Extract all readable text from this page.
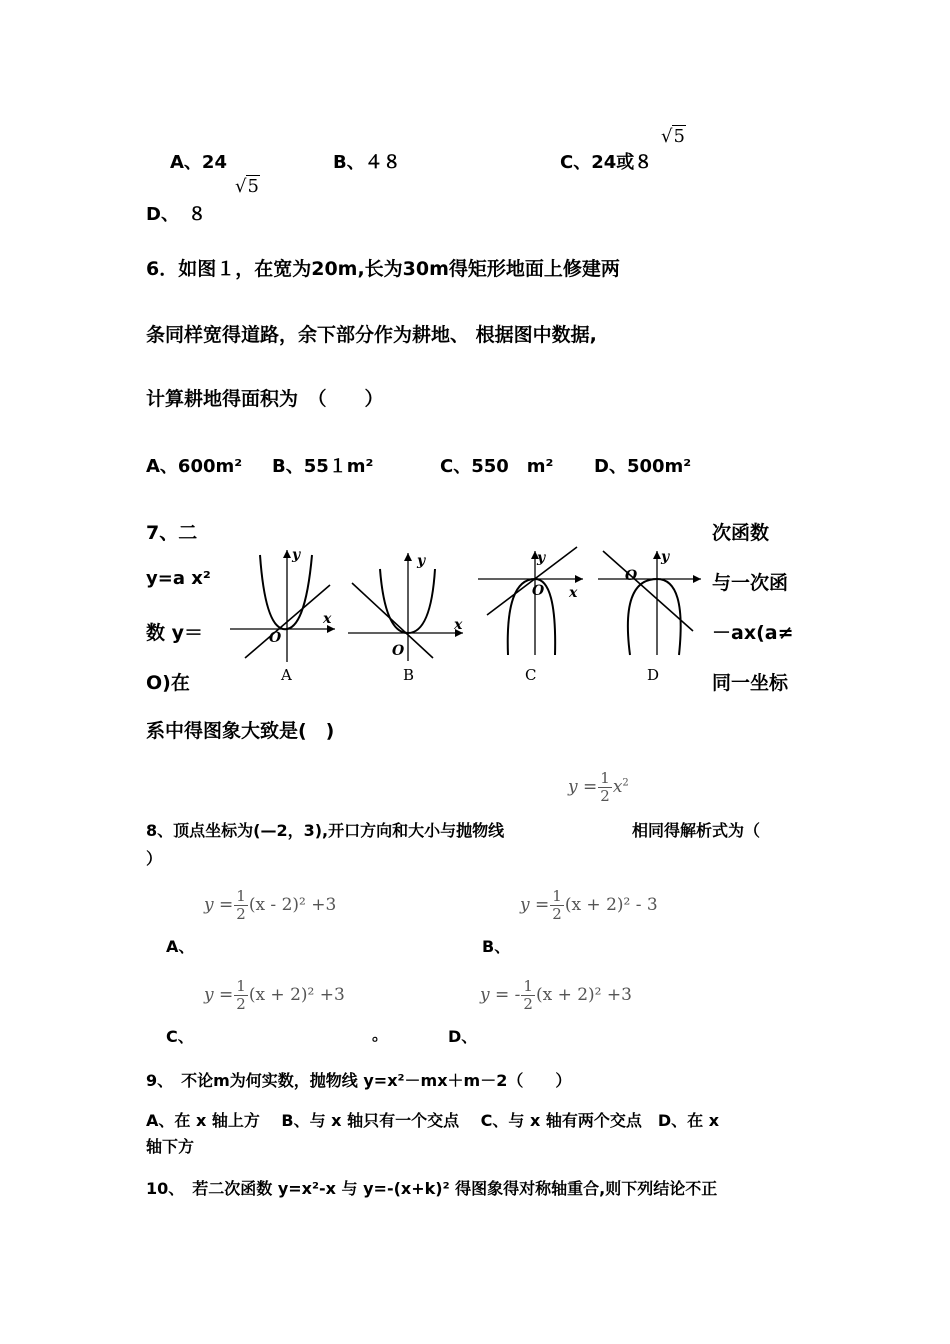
A、24	B、４８	C、24或８
√5
D、　８
√5
6．如图１，在宽为20m,长为30m得矩形地面上修建两
条同样宽得道路，余下部分作为耕地、 根据图中数据,
计算耕地得面积为　（　　）
A、600m² B、55１m²	C、550　m² D、500m²
7、二
y=a x²
数 y＝
O)在
次函数
与一次函
－ax(a≠
同一坐标
x
y
O
A
x
y
O
B
x
y
O
C
y
O
D
系中得图象大致是(　)
$y = \frac{1}{2} x^2$
8、顶点坐标为(—2，3),开口方向和大小与抛物线	相同得解析式为（
）
$y = \frac{1}{2} (x - 2)^2 +3$
A、
$y = \frac{1}{2} (x + 2)^2 - 3$
B、
$y = \frac{1}{2} (x + 2)^2 +3$
C、	。
y = - $\frac{1}{2} (x + 2)^2 +3$
D、
9、　不论m为何实数，抛物线 y=x²－mx＋m－2（　　）
A、在 x 轴上方　 B、与 x 轴只有一个交点　 C、与 x 轴有两个交点　D、在 x
轴下方
10、　若二次函数 y=x²-x 与 y=-(x+k)² 得图象得对称轴重合,则下列结论不正
